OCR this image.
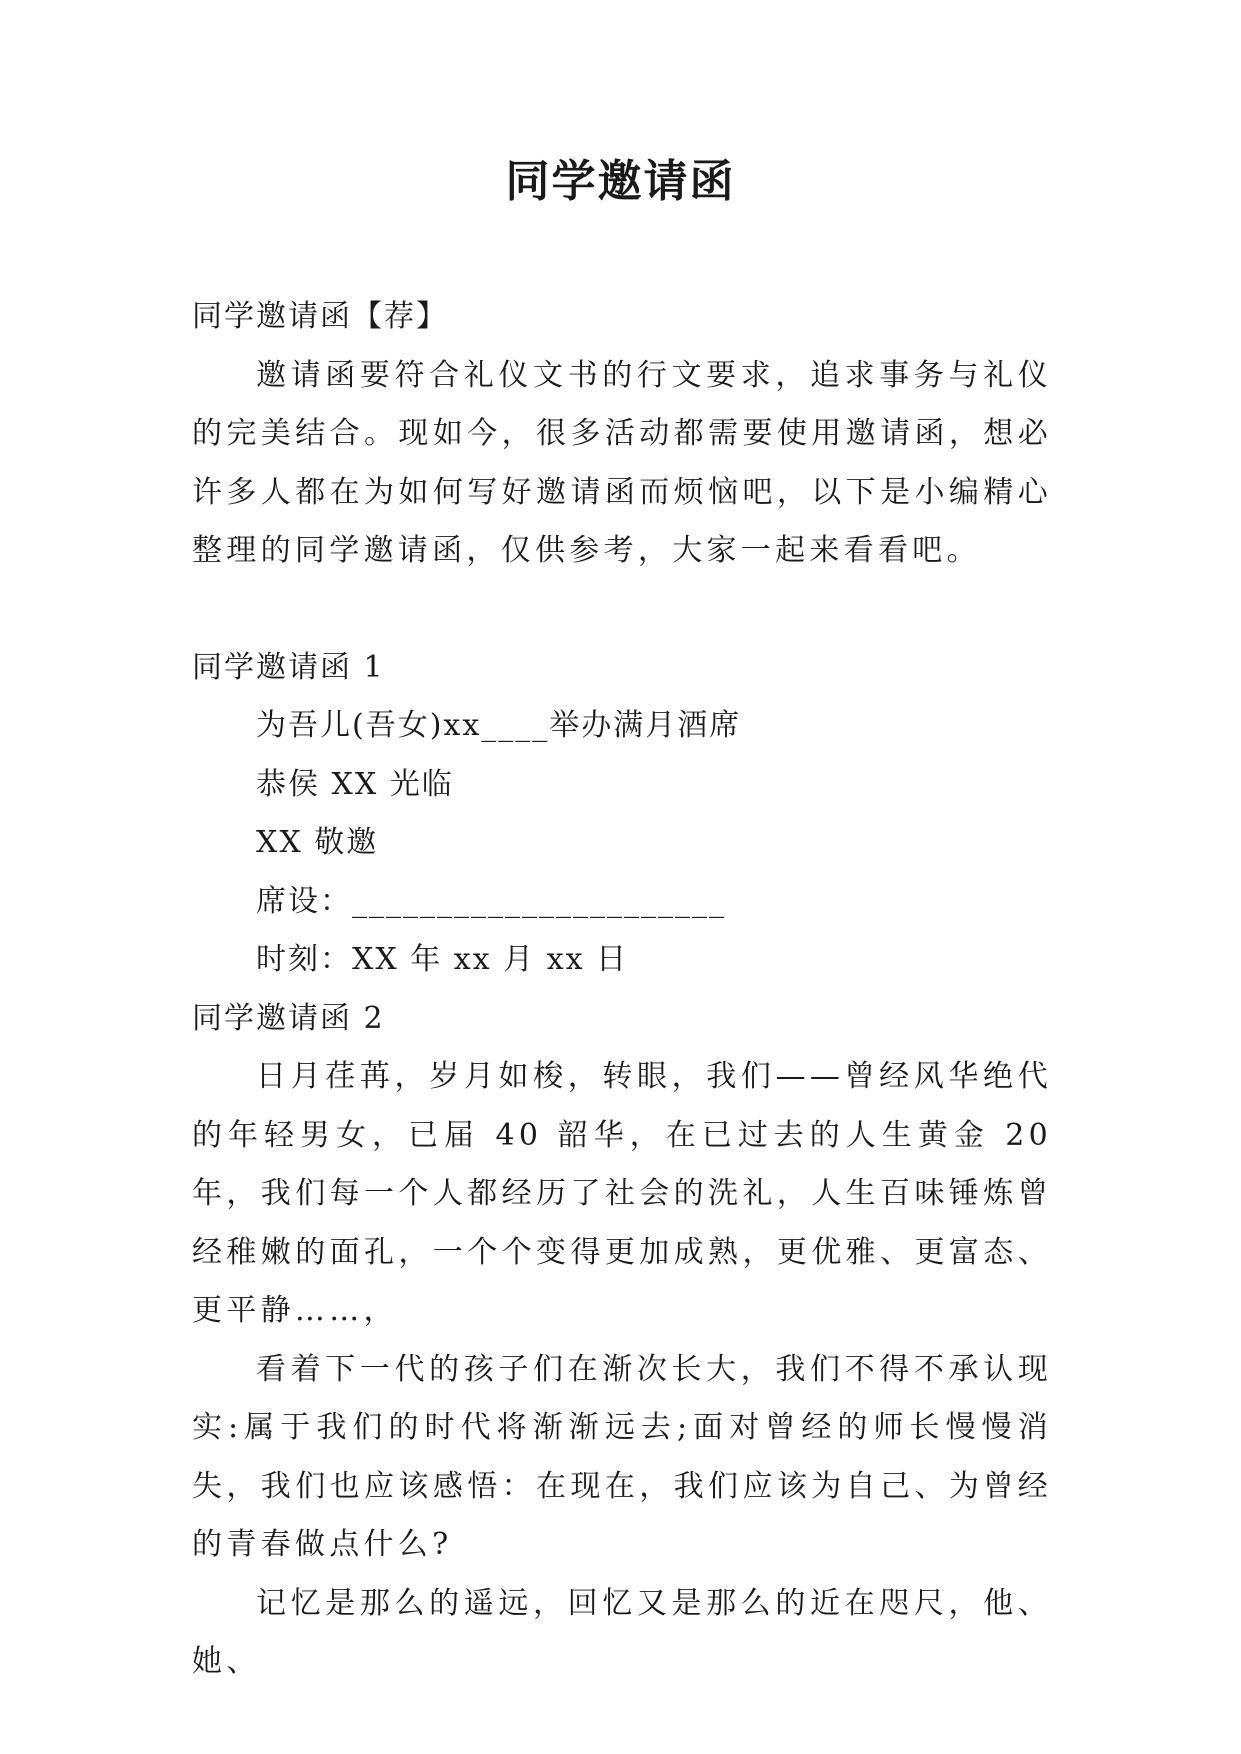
同学邀请函
同学邀请函【荐】

邀请函要符合礼仪文书的行文要求，追求事务与礼仪的完美结合。现如今，很多活动都需要使用邀请函，想必许多人都在为如何写好邀请函而烦恼吧，以下是小编精心整理的同学邀请函，仅供参考，大家一起来看看吧。

同学邀请函 1
为吾儿(吾女)xx____举办满月酒席
恭侯 XX 光临
XX 敬邀
席设：______________________
时刻：XX 年 xx 月 xx 日
同学邀请函 2

日月荏苒，岁月如梭，转眼，我们——曾经风华绝代的年轻男女，已届 40 韶华，在已过去的人生黄金 20 年，我们每一个人都经历了社会的洗礼，人生百味锤炼曾经稚嫩的面孔，一个个变得更加成熟，更优雅、更富态、更平静……，

看着下一代的孩子们在渐次长大，我们不得不承认现实:属于我们的时代将渐渐远去;面对曾经的师长慢慢消失，我们也应该感悟：在现在，我们应该为自己、为曾经的青春做点什么?

记忆是那么的遥远，回忆又是那么的近在咫尺，他、她、
